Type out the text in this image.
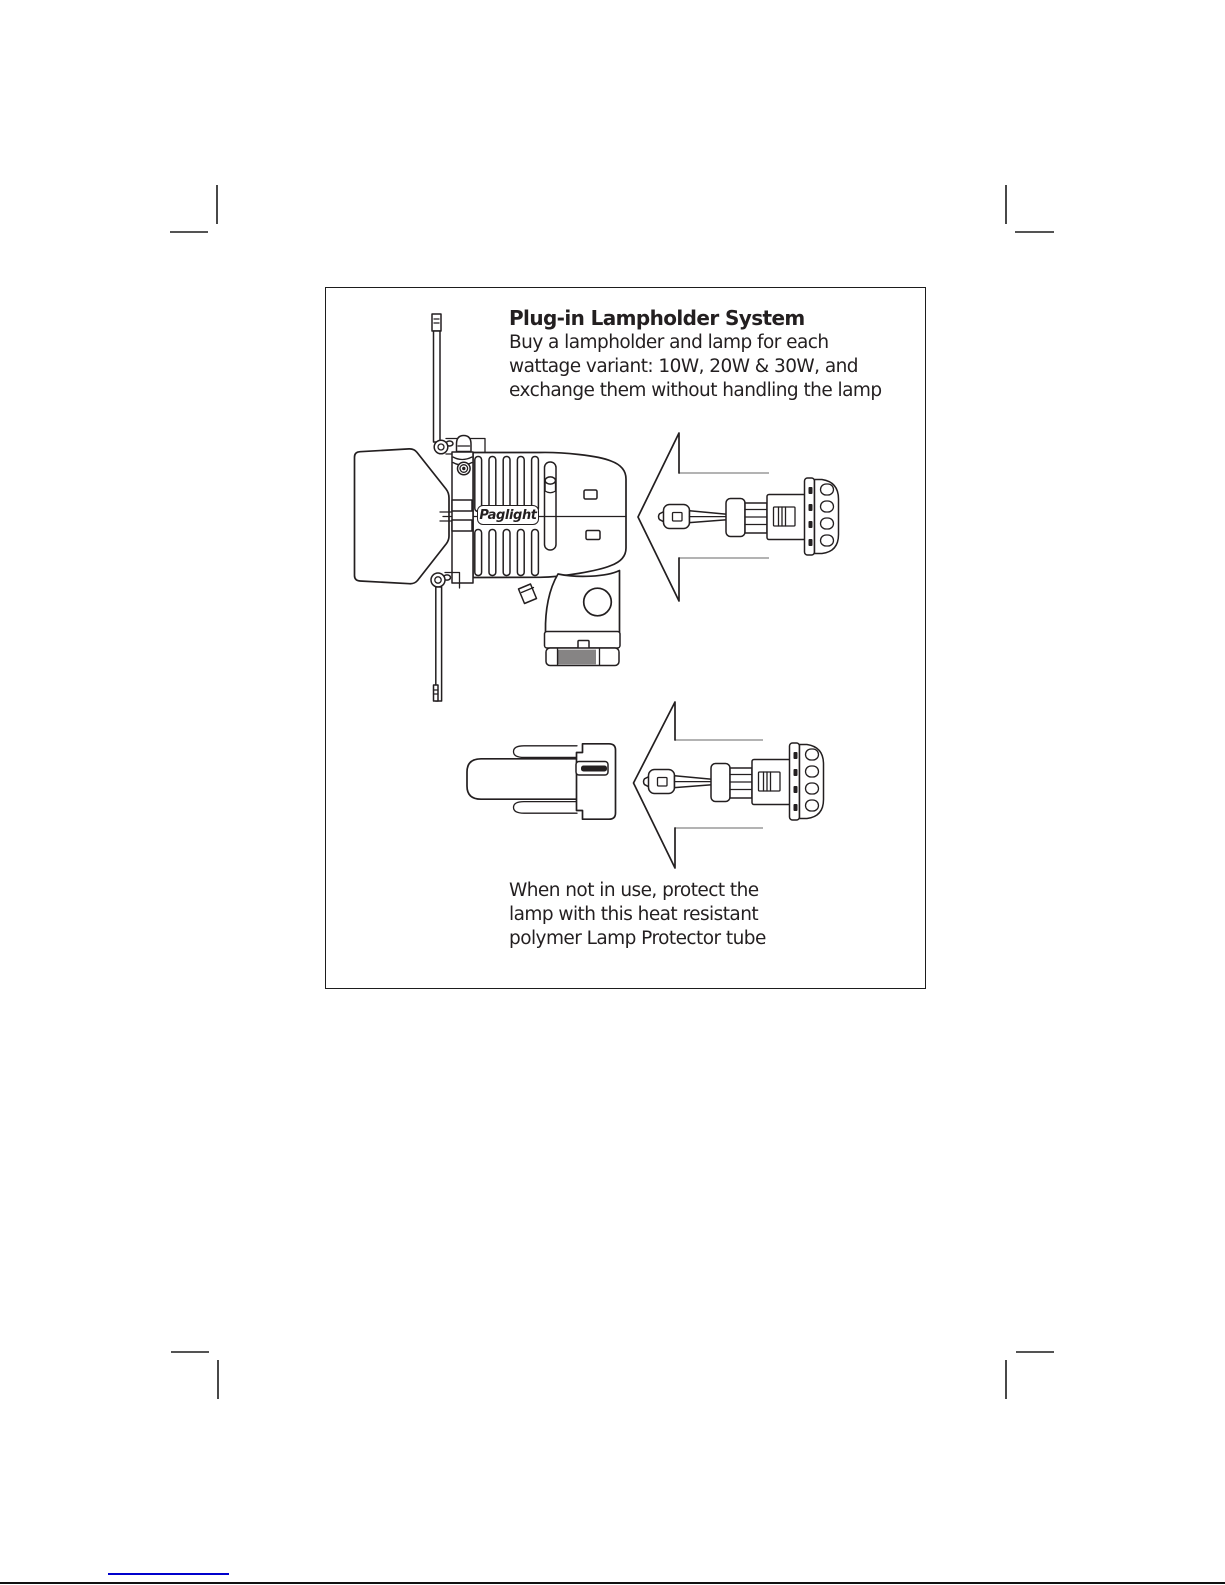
Plug-in Lampholder System
Buy a lampholder and lamp for each
wattage variant: 10W, 20W & 30W, and
exchange them without handling the lamp
Paglight
When not in use, protect the
lamp with this heat resistant
polymer Lamp Protector tube
